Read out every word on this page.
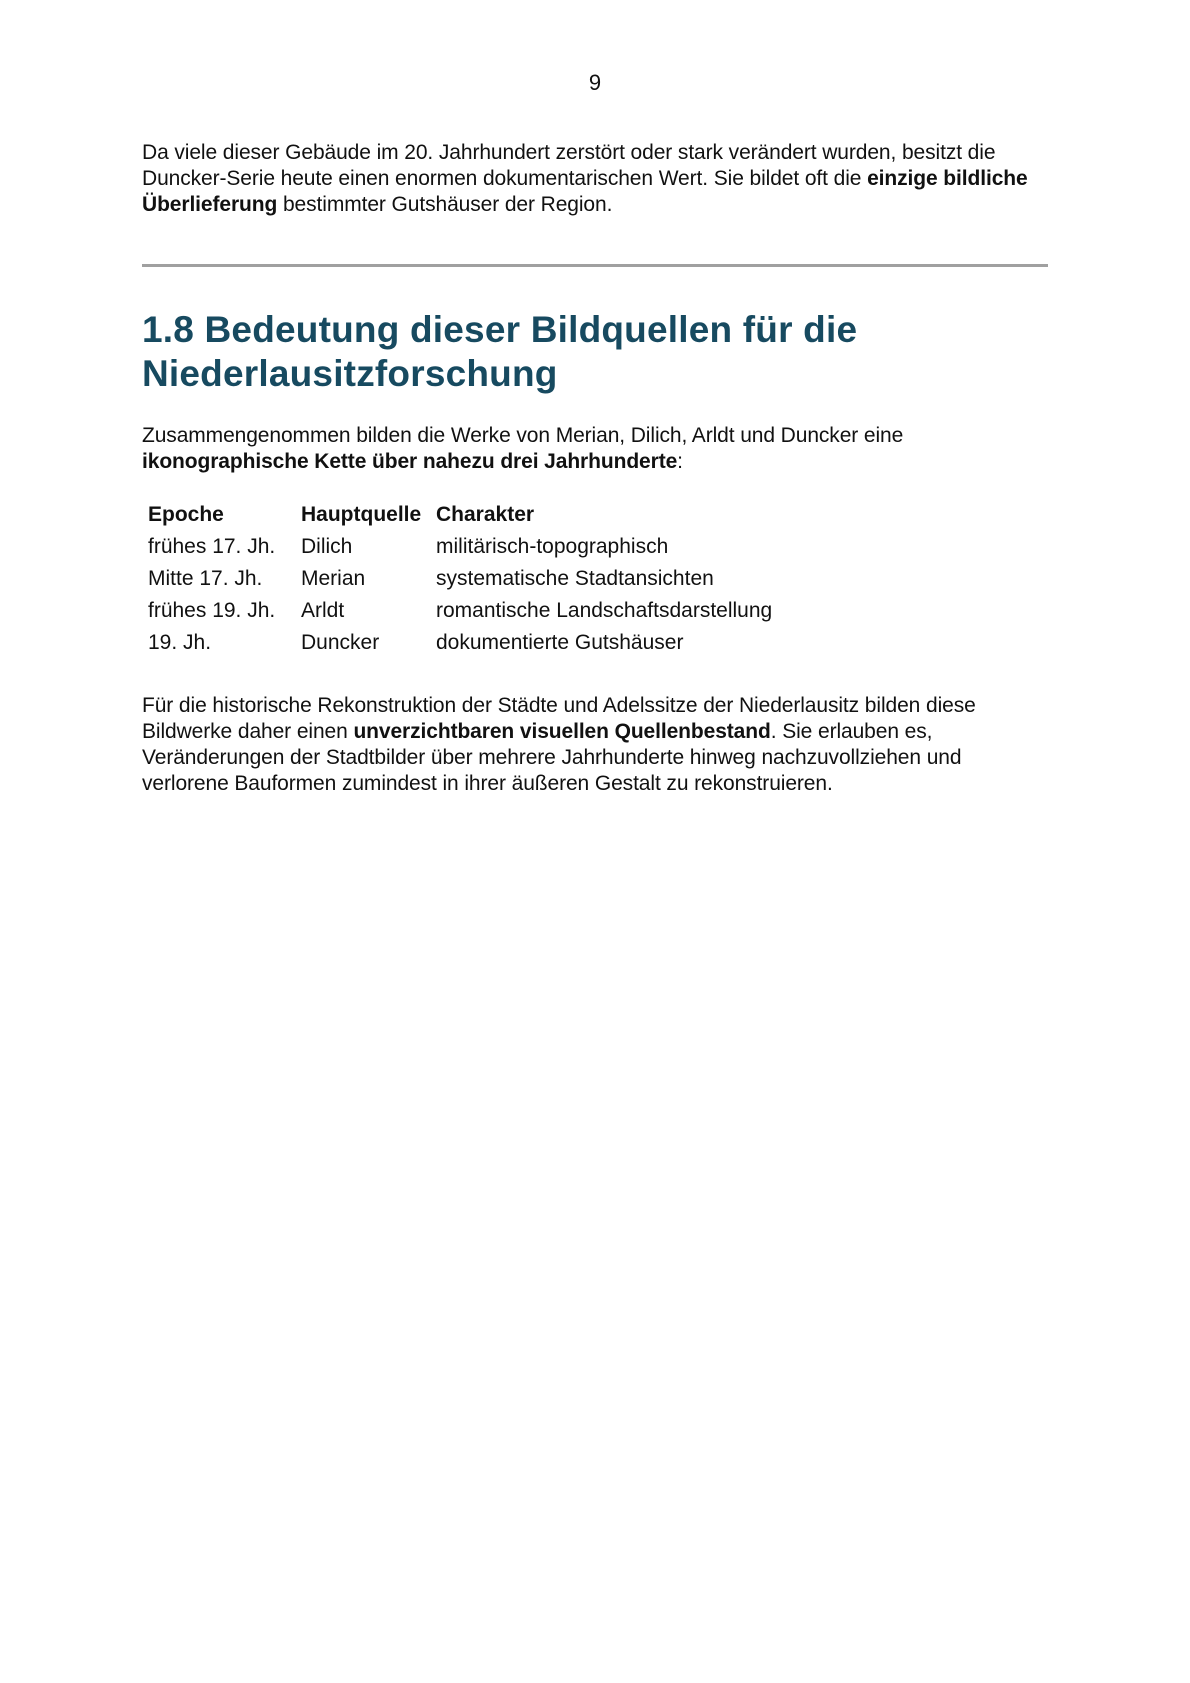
9

Da viele dieser Gebäude im 20. Jahrhundert zerstört oder stark verändert wurden, besitzt die Duncker-Serie heute einen enormen dokumentarischen Wert. Sie bildet oft die einzige bildliche Überlieferung bestimmter Gutshäuser der Region.

1.8 Bedeutung dieser Bildquellen für die Niederlausitzforschung

Zusammengenommen bilden die Werke von Merian, Dilich, Arldt und Duncker eine ikonographische Kette über nahezu drei Jahrhunderte:

Epoche	Hauptquelle	Charakter
frühes 17. Jh.	Dilich	militärisch-topographisch
Mitte 17. Jh.	Merian	systematische Stadtansichten
frühes 19. Jh.	Arldt	romantische Landschaftsdarstellung
19. Jh.	Duncker	dokumentierte Gutshäuser

Für die historische Rekonstruktion der Städte und Adelssitze der Niederlausitz bilden diese Bildwerke daher einen unverzichtbaren visuellen Quellenbestand. Sie erlauben es, Veränderungen der Stadtbilder über mehrere Jahrhunderte hinweg nachzuvollziehen und verlorene Bauformen zumindest in ihrer äußeren Gestalt zu rekonstruieren.
